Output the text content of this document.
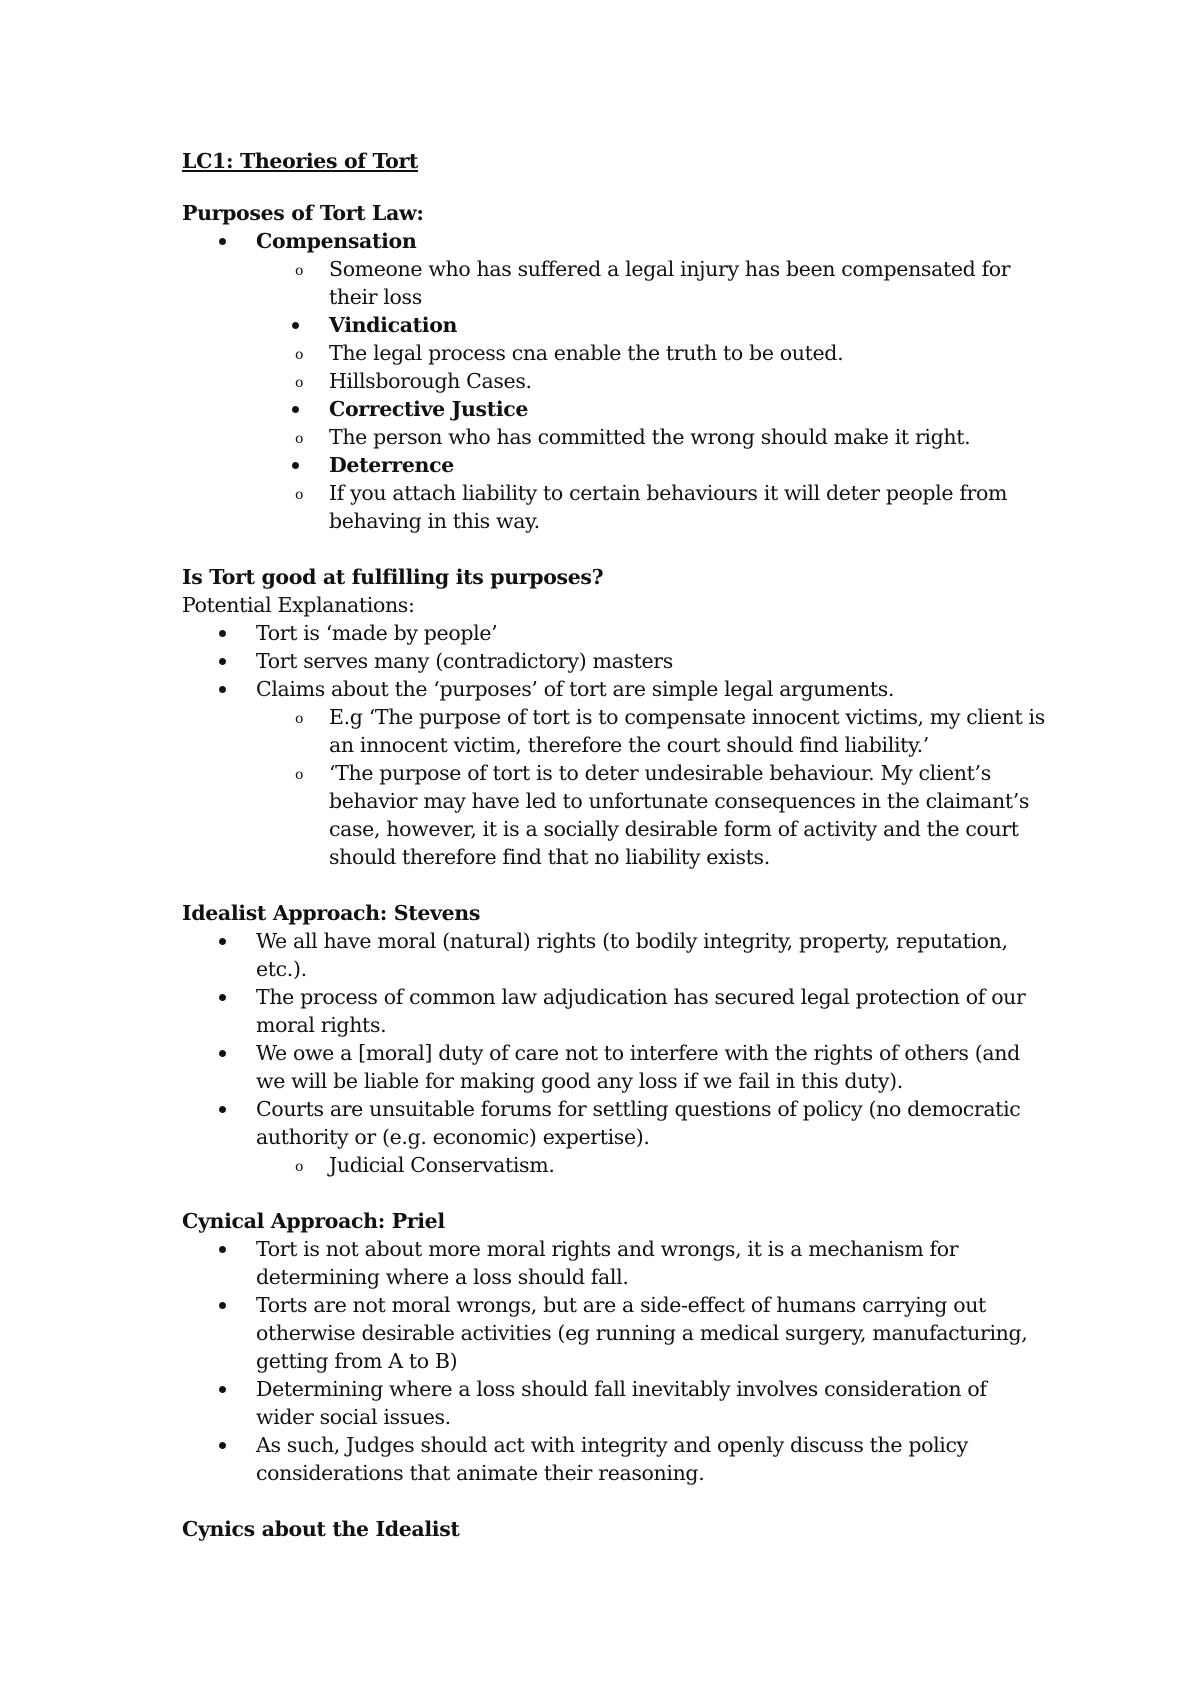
LC1: Theories of Tort
Purposes of Tort Law:
Compensation
o Someone who has suffered a legal injury has been compensated for
their loss
Vindication
o The legal process cna enable the truth to be outed.
o Hillsborough Cases.
Corrective Justice
o The person who has committed the wrong should make it right.
Deterrence
o If you attach liability to certain behaviours it will deter people from
behaving in this way.
Is Tort good at fulfilling its purposes?
Potential Explanations:
Tort is ‘made by people’
Tort serves many (contradictory) masters
Claims about the ‘purposes’ of tort are simple legal arguments.
o E.g ‘The purpose of tort is to compensate innocent victims, my client is
an innocent victim, therefore the court should find liability.’
o ‘The purpose of tort is to deter undesirable behaviour. My client’s
behavior may have led to unfortunate consequences in the claimant’s
case, however, it is a socially desirable form of activity and the court
should therefore find that no liability exists.
Idealist Approach: Stevens
We all have moral (natural) rights (to bodily integrity, property, reputation,
etc.).
The process of common law adjudication has secured legal protection of our
moral rights.
We owe a [moral] duty of care not to interfere with the rights of others (and
we will be liable for making good any loss if we fail in this duty).
Courts are unsuitable forums for settling questions of policy (no democratic
authority or (e.g. economic) expertise).
o Judicial Conservatism.
Cynical Approach: Priel
Tort is not about more moral rights and wrongs, it is a mechanism for
determining where a loss should fall.
Torts are not moral wrongs, but are a side-effect of humans carrying out
otherwise desirable activities (eg running a medical surgery, manufacturing,
getting from A to B)
Determining where a loss should fall inevitably involves consideration of
wider social issues.
As such, Judges should act with integrity and openly discuss the policy
considerations that animate their reasoning.
Cynics about the Idealist
